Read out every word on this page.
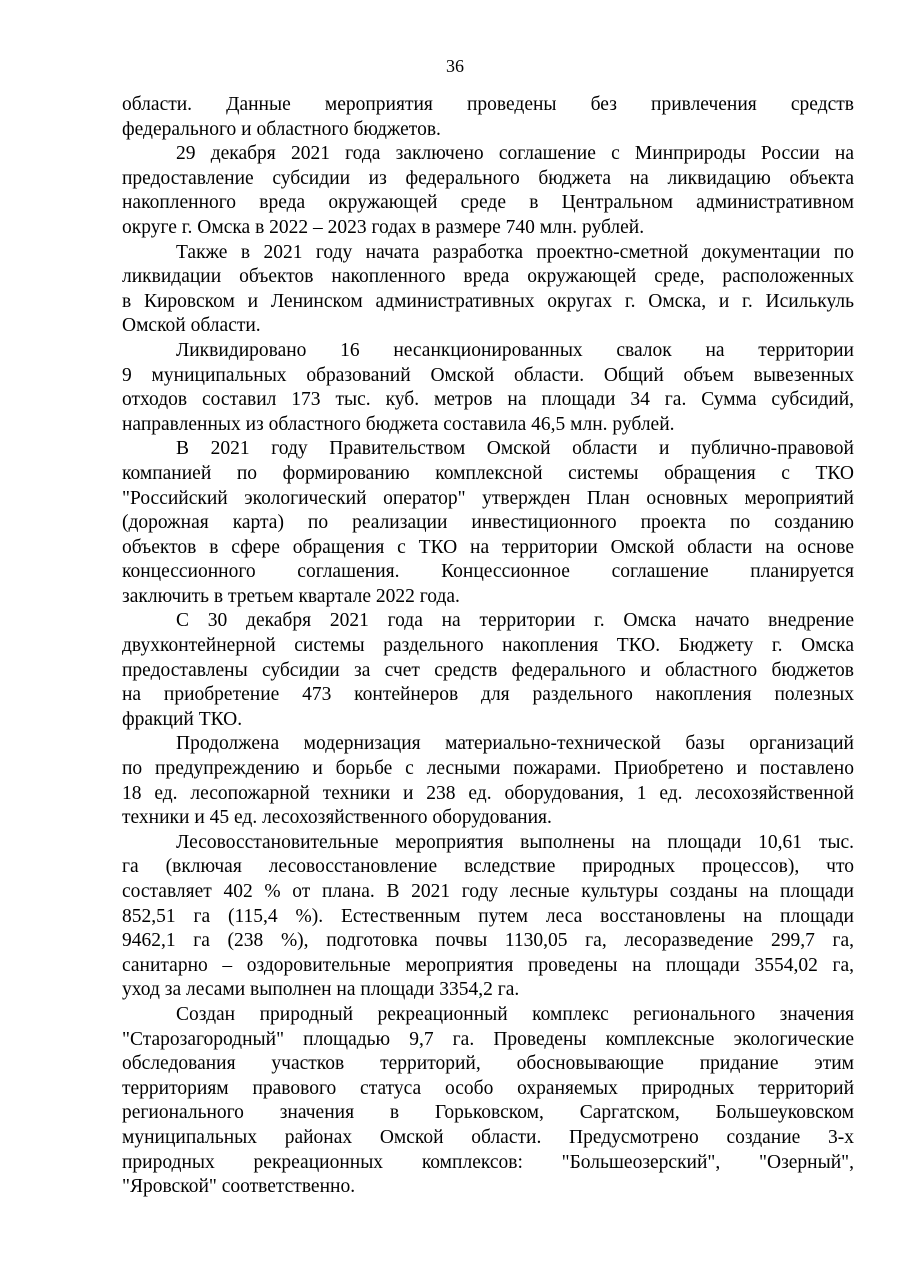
36
области. Данные мероприятия проведены без привлечения средств
федерального и областного бюджетов.
29 декабря 2021 года заключено соглашение с Минприроды России на
предоставление субсидии из федерального бюджета на ликвидацию объекта
накопленного вреда окружающей среде в Центральном административном
округе г. Омска в 2022 – 2023 годах в размере 740 млн. рублей.
Также в 2021 году начата разработка проектно-сметной документации по
ликвидации объектов накопленного вреда окружающей среде, расположенных
в Кировском и Ленинском административных округах г. Омска, и г. Исилькуль
Омской области.
Ликвидировано 16 несанкционированных свалок на территории
9 муниципальных образований Омской области. Общий объем вывезенных
отходов составил 173 тыс. куб. метров на площади 34 га. Сумма субсидий,
направленных из областного бюджета составила 46,5 млн. рублей.
В 2021 году Правительством Омской области и публично-правовой
компанией по формированию комплексной системы обращения с ТКО
"Российский экологический оператор" утвержден План основных мероприятий
(дорожная карта) по реализации инвестиционного проекта по созданию
объектов в сфере обращения с ТКО на территории Омской области на основе
концессионного соглашения. Концессионное соглашение планируется
заключить в третьем квартале 2022 года.
С 30 декабря 2021 года на территории г. Омска начато внедрение
двухконтейнерной системы раздельного накопления ТКО. Бюджету г. Омска
предоставлены субсидии за счет средств федерального и областного бюджетов
на приобретение 473 контейнеров для раздельного накопления полезных
фракций ТКО.
Продолжена модернизация материально-технической базы организаций
по предупреждению и борьбе с лесными пожарами. Приобретено и поставлено
18 ед. лесопожарной техники и 238 ед. оборудования, 1 ед. лесохозяйственной
техники и 45 ед. лесохозяйственного оборудования.
Лесовосстановительные мероприятия выполнены на площади 10,61 тыс.
га (включая лесовосстановление вследствие природных процессов), что
составляет 402 % от плана. В 2021 году лесные культуры созданы на площади
852,51 га (115,4 %). Естественным путем леса восстановлены на площади
9462,1 га (238 %), подготовка почвы 1130,05 га, лесоразведение 299,7 га,
санитарно – оздоровительные мероприятия проведены на площади 3554,02 га,
уход за лесами выполнен на площади 3354,2 га.
Создан природный рекреационный комплекс регионального значения
"Старозагородный" площадью 9,7 га. Проведены комплексные экологические
обследования участков территорий, обосновывающие придание этим
территориям правового статуса особо охраняемых природных территорий
регионального значения в Горьковском, Саргатском, Большеуковском
муниципальных районах Омской области. Предусмотрено создание 3-х
природных рекреационных комплексов: "Большеозерский", "Озерный",
"Яровской" соответственно.
